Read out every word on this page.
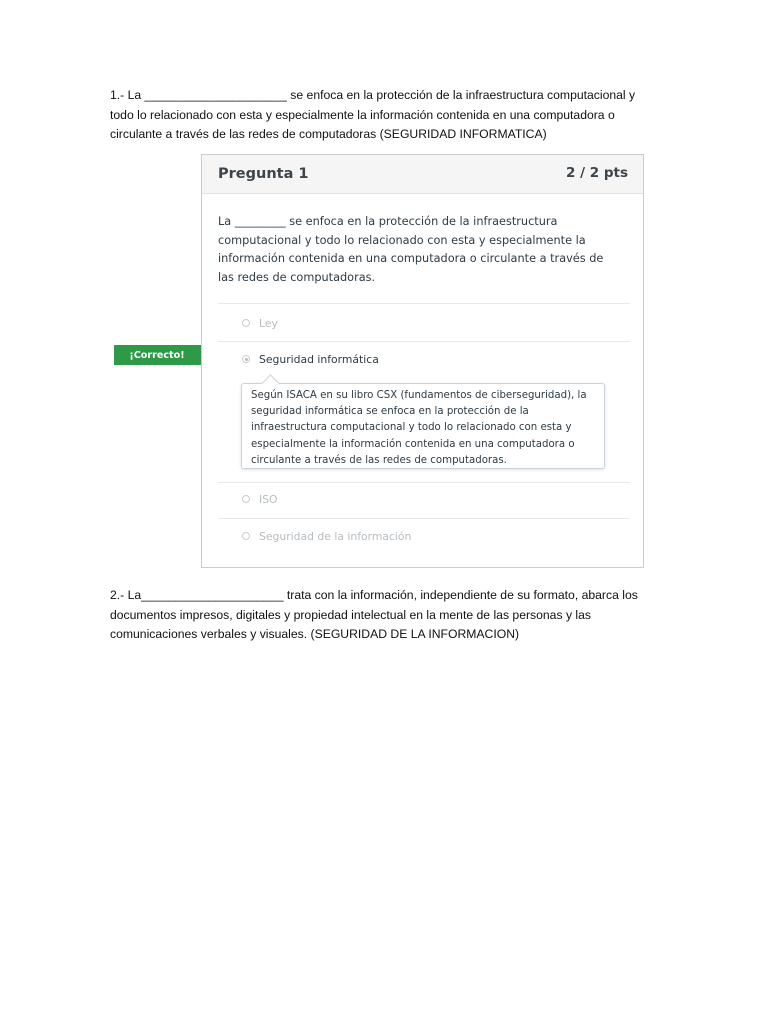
1.- La _____________________ se enfoca en la protección de la infraestructura computacional y todo lo relacionado con esta y especialmente la información contenida en una computadora o circulante a través de las redes de computadoras (SEGURIDAD INFORMATICA)

¡Correcto!
Pregunta 1	2 / 2 pts
La _________ se enfoca en la protección de la infraestructura computacional y todo lo relacionado con esta y especialmente la información contenida en una computadora o circulante a través de las redes de computadoras.
Ley
Seguridad informática
Según ISACA en su libro CSX (fundamentos de ciberseguridad), la seguridad informática se enfoca en la protección de la infraestructura computacional y todo lo relacionado con esta y especialmente la información contenida en una computadora o circulante a través de las redes de computadoras.
ISO
Seguridad de la información

2.- La_____________________ trata con la información, independiente de su formato, abarca los documentos impresos, digitales y propiedad intelectual en la mente de las personas y las comunicaciones verbales y visuales. (SEGURIDAD DE LA INFORMACION)
